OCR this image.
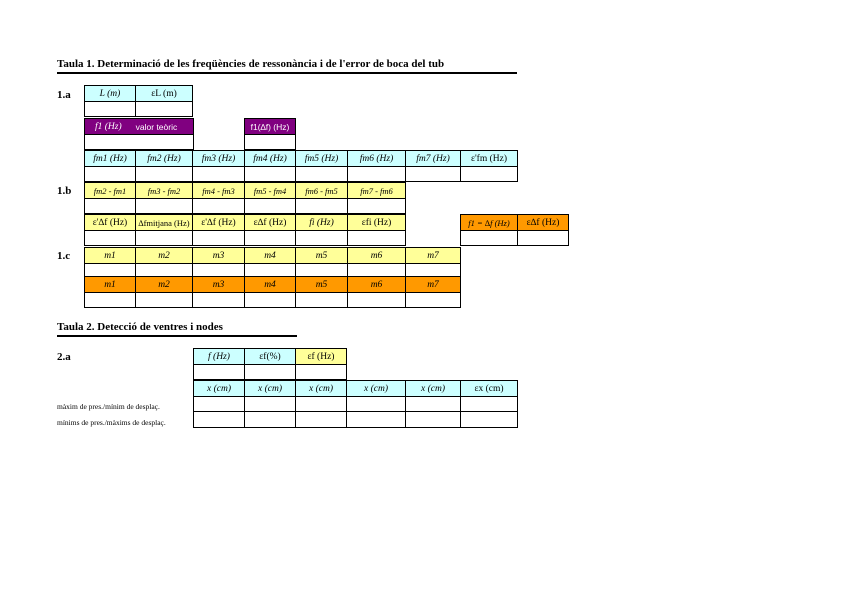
Taula 1. Determinació de les freqüències de ressonància i de l'error de boca del tub
1.a
1.b
1.c
L (m)	εL (m)
f1 (Hz) valor teòric	f1(∆f) (Hz)
fm1 (Hz)	fm2 (Hz)	fm3 (Hz)	fm4 (Hz)	fm5 (Hz)	fm6 (Hz)	fm7 (Hz)	ε'fm (Hz)
fm2 - fm1	fm3 - fm2	fm4 - fm3	fm5 - fm4	fm6 - fm5	fm7 - fm6
ε'∆f (Hz)	∆fmitjana (Hz)	ε'∆f (Hz)	ε∆f (Hz)	fi (Hz)	εfi (Hz)	f1 = ∆f (Hz)	ε∆f (Hz)
m1	m2	m3	m4	m5	m6	m7
m1	m2	m3	m4	m5	m6	m7
Taula 2. Detecció de ventres i nodes
2.a	f (Hz)	εf(%)	εf (Hz)
x (cm)	x (cm)	x (cm)	x (cm)	x (cm)	εx (cm)
màxim de pres./mínim de desplaç.
mínims de pres./màxims de desplaç.
